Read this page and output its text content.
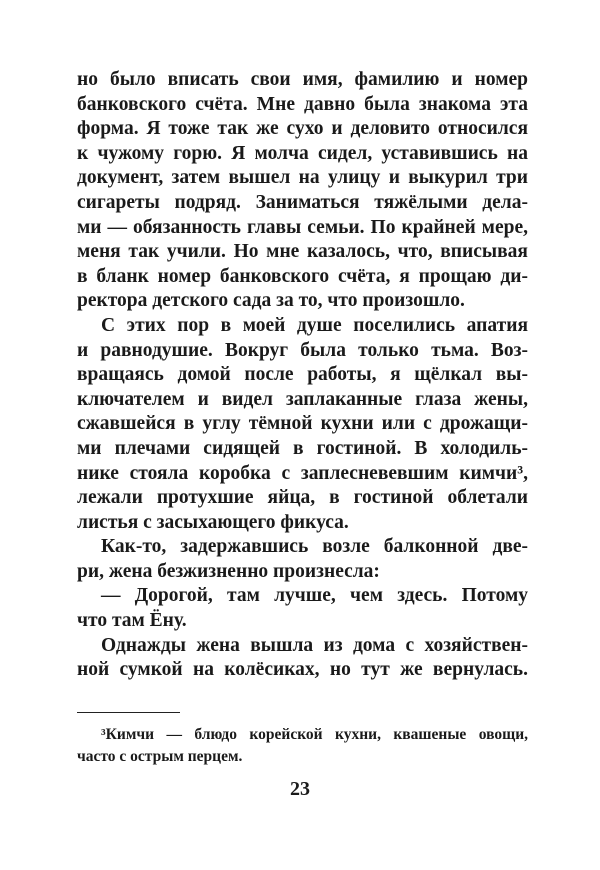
но было вписать свои имя, фамилию и номер
банковского счёта. Мне давно была знакома эта
форма. Я тоже так же сухо и деловито относился
к чужому горю. Я молча сидел, уставившись на
документ, затем вышел на улицу и выкурил три
сигареты подряд. Заниматься тяжёлыми дела-
ми — обязанность главы семьи. По крайней мере,
меня так учили. Но мне казалось, что, вписывая
в бланк номер банковского счёта, я прощаю ди-
ректора детского сада за то, что произошло.
С этих пор в моей душе поселились апатия
и равнодушие. Вокруг была только тьма. Воз-
вращаясь домой после работы, я щёлкал вы-
ключателем и видел заплаканные глаза жены,
сжавшейся в углу тёмной кухни или с дрожащи-
ми плечами сидящей в гостиной. В холодиль-
нике стояла коробка с заплесневевшим кимчи³,
лежали протухшие яйца, в гостиной облетали
листья с засыхающего фикуса.
Как-то, задержавшись возле балконной две-
ри, жена безжизненно произнесла:
— Дорогой, там лучше, чем здесь. Потому
что там Ёну.
Однажды жена вышла из дома с хозяйствен-
ной сумкой на колёсиках, но тут же вернулась.
³Кимчи — блюдо корейской кухни, квашеные овощи,
часто с острым перцем.
23
